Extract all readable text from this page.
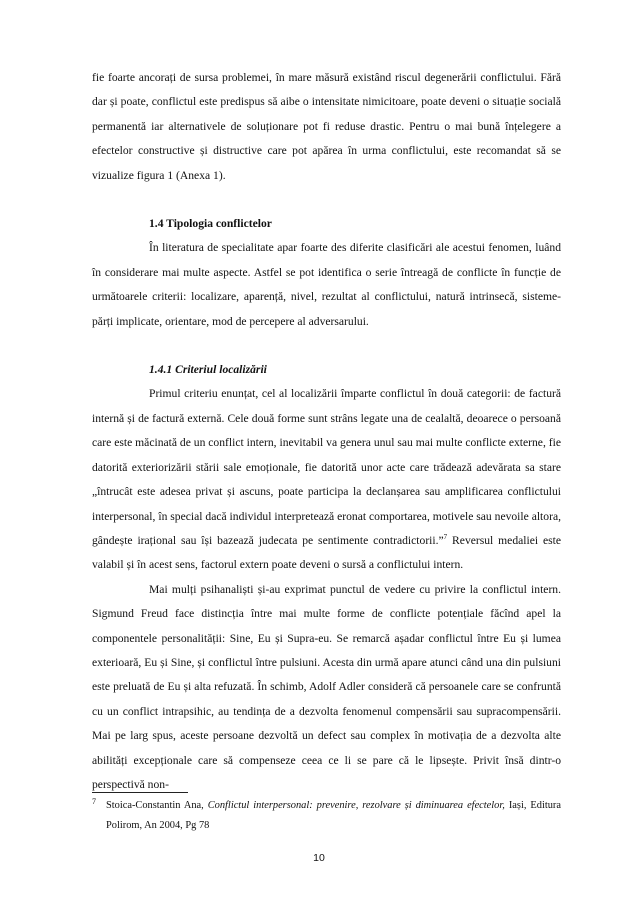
fie foarte ancorați de sursa problemei, în mare măsură existând riscul degenerării conflictului. Fără dar și poate, conflictul este predispus să aibe o intensitate nimicitoare, poate deveni o situație socială permanentă iar alternativele de soluționare pot fi reduse drastic. Pentru o mai bună înțelegere a efectelor constructive și distructive care pot apărea în urma conflictului, este recomandat să se vizualize figura 1 (Anexa 1).

1.4 Tipologia conflictelor

În literatura de specialitate apar foarte des diferite clasificări ale acestui fenomen, luând în considerare mai multe aspecte. Astfel se pot identifica o serie întreagă de conflicte în funcție de următoarele criterii: localizare, aparență, nivel, rezultat al conflictului, natură intrinsecă, sisteme-părți implicate, orientare, mod de percepere al adversarului.

1.4.1 Criteriul localizării

Primul criteriu enunțat, cel al localizării împarte conflictul în două categorii: de factură internă și de factură externă. Cele două forme sunt strâns legate una de cealaltă, deoarece o persoană care este măcinată de un conflict intern, inevitabil va genera unul sau mai multe conflicte externe, fie datorită exteriorizării stării sale emoționale, fie datorită unor acte care trădează adevărata sa stare „întrucât este adesea privat și ascuns, poate participa la declanșarea sau amplificarea conflictului interpersonal, în special dacă individul interpretează eronat comportarea, motivele sau nevoile altora, gândește irațional sau își bazează judecata pe sentimente contradictorii.”$^7$ Reversul medaliei este valabil și în acest sens, factorul extern poate deveni o sursă a conflictului intern.

Mai mulți psihanaliști și-au exprimat punctul de vedere cu privire la conflictul intern. Sigmund Freud face distincția între mai multe forme de conflicte potențiale făcînd apel la componentele personalității: Sine, Eu și Supra-eu. Se remarcă așadar conflictul între Eu și lumea exterioară, Eu și Sine, și conflictul între pulsiuni. Acesta din urmă apare atunci când una din pulsiuni este preluată de Eu și alta refuzată. În schimb, Adolf Adler consideră că persoanele care se confruntă cu un conflict intrapsihic, au tendința de a dezvolta fenomenul compensării sau supracompensării. Mai pe larg spus, aceste persoane dezvoltă un defect sau complex în motivația de a dezvolta alte abilități excepționale care să compenseze ceea ce li se pare că le lipsește. Privit însă dintr-o perspectivă non-

7 Stoica-Constantin Ana, Conflictul interpersonal: prevenire, rezolvare și diminuarea efectelor, Iași, Editura Polirom, An 2004, Pg 78

10
